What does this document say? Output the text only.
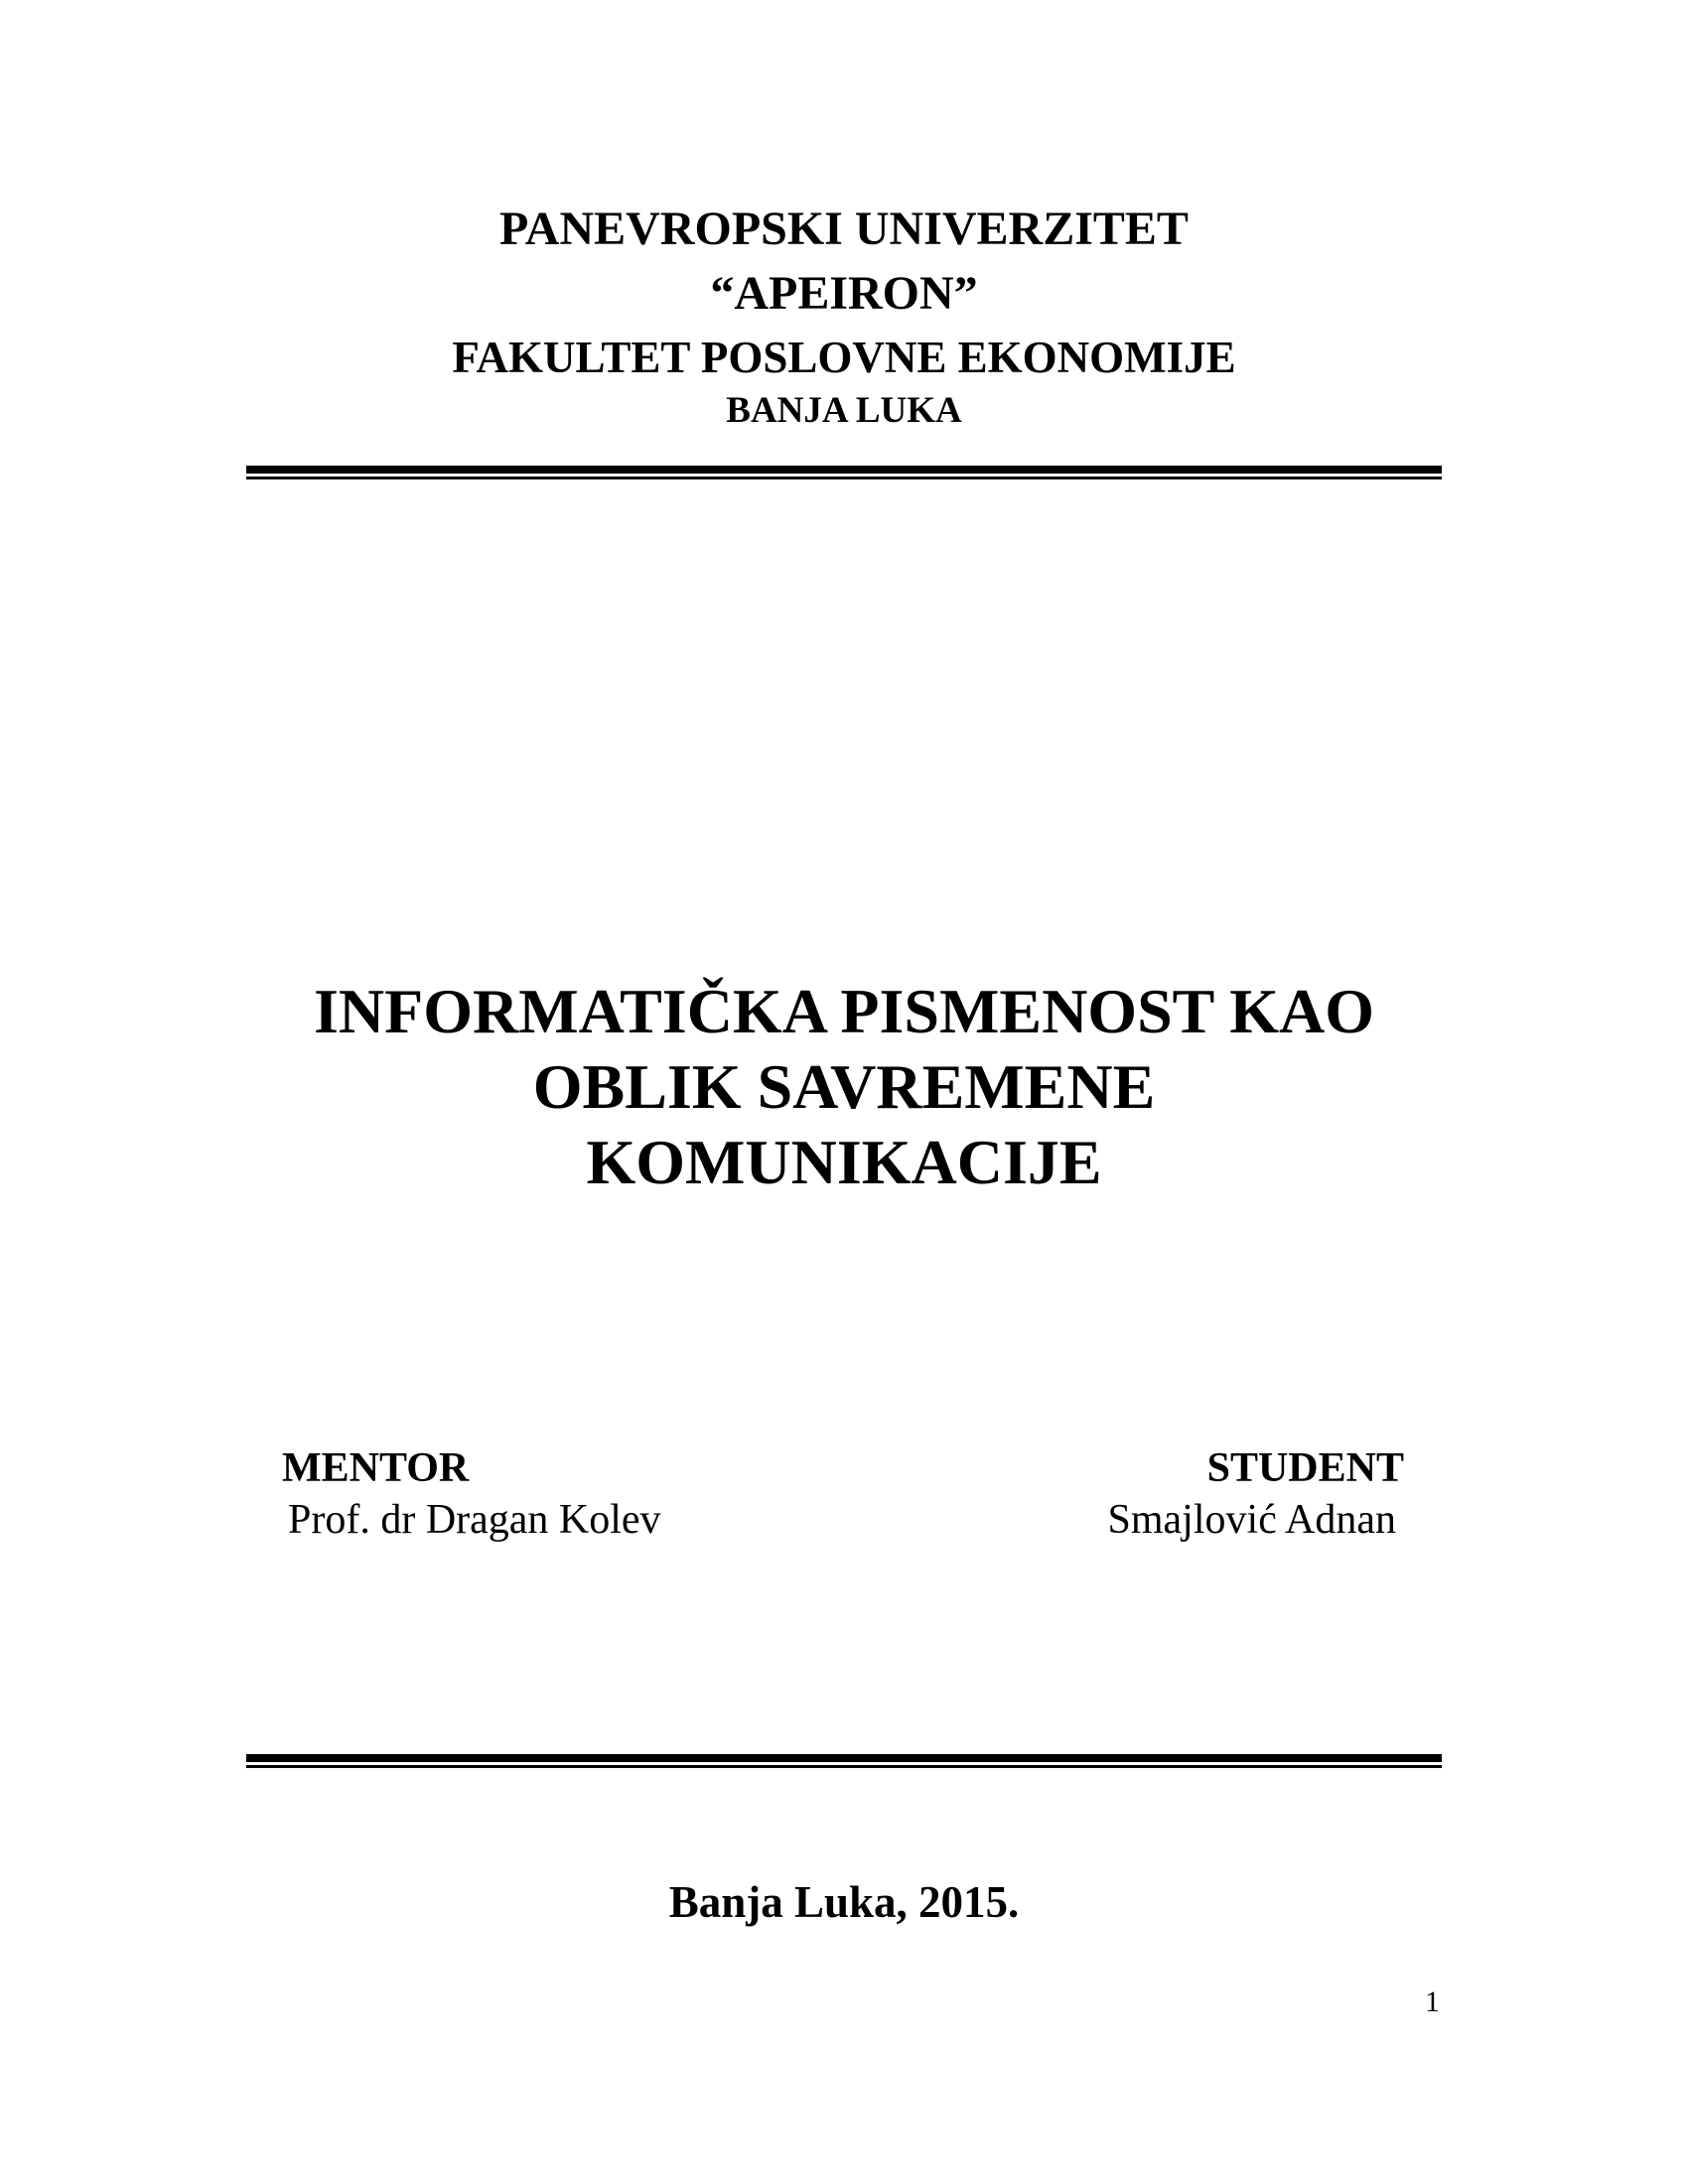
PANEVROPSKI UNIVERZITET
“APEIRON”
FAKULTET POSLOVNE EKONOMIJE
BANJA LUKA
INFORMATIČKA PISMENOST KAO
OBLIK SAVREMENE
KOMUNIKACIJE
MENTOR
Prof. dr Dragan Kolev
STUDENT
Smajlović Adnan
Banja Luka, 2015.
1
